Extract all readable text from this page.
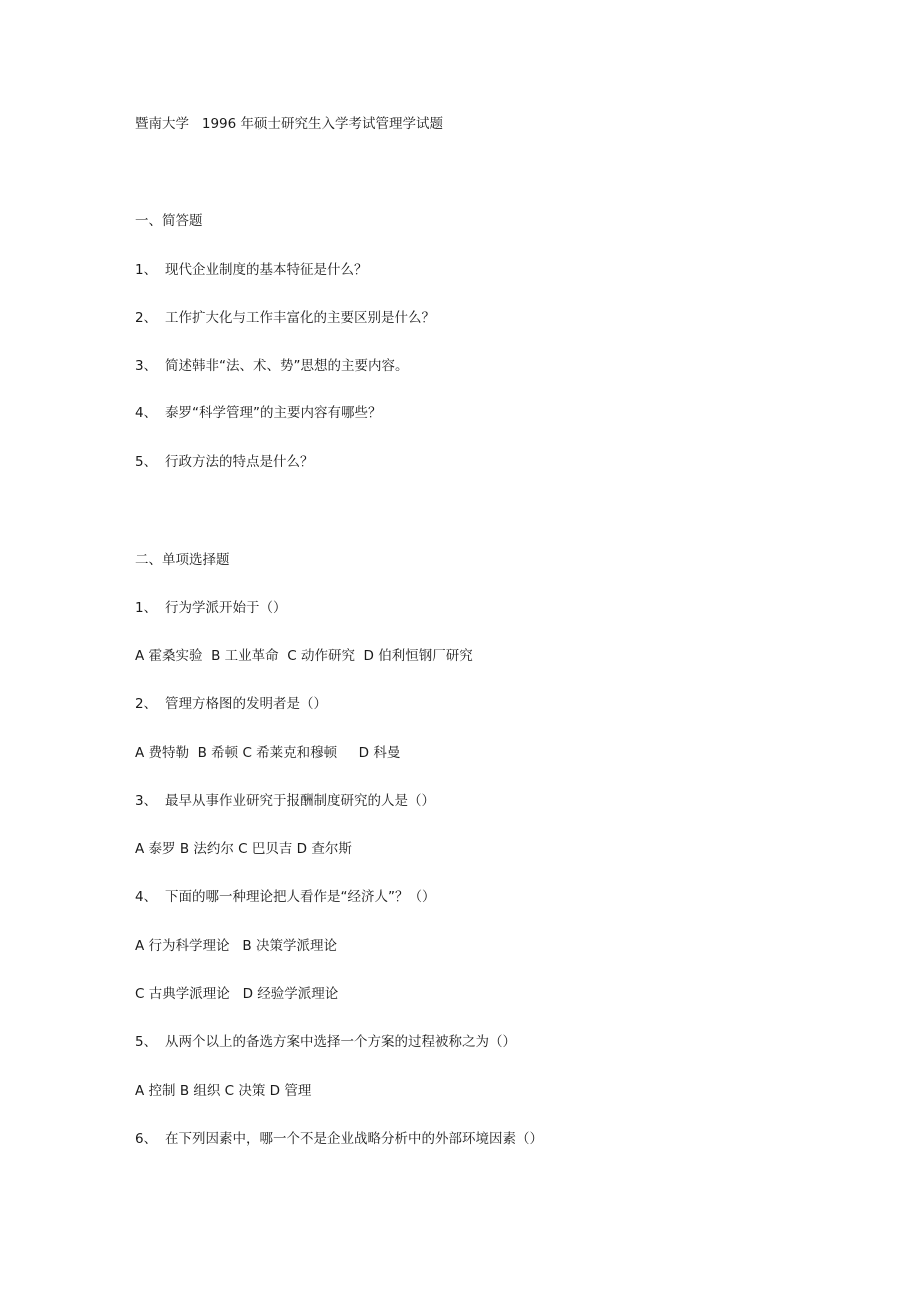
暨南大学   1996 年硕士研究生入学考试管理学试题
一、简答题
1、 现代企业制度的基本特征是什么？
2、 工作扩大化与工作丰富化的主要区别是什么？
3、 简述韩非“法、术、势”思想的主要内容。
4、 泰罗“科学管理”的主要内容有哪些？
5、 行政方法的特点是什么？
二、单项选择题
1、 行为学派开始于（）
A 霍桑实验  B 工业革命  C 动作研究  D 伯利恒钢厂研究
2、 管理方格图的发明者是（）
A 费特勒  B 希顿 C 希莱克和穆顿     D 科曼
3、 最早从事作业研究于报酬制度研究的人是（）
A 泰罗 B 法约尔 C 巴贝吉 D 查尔斯
4、 下面的哪一种理论把人看作是“经济人”？（）
A 行为科学理论   B 决策学派理论
C 古典学派理论   D 经验学派理论
5、 从两个以上的备选方案中选择一个方案的过程被称之为（）
A 控制 B 组织 C 决策 D 管理
6、 在下列因素中，哪一个不是企业战略分析中的外部环境因素（）
